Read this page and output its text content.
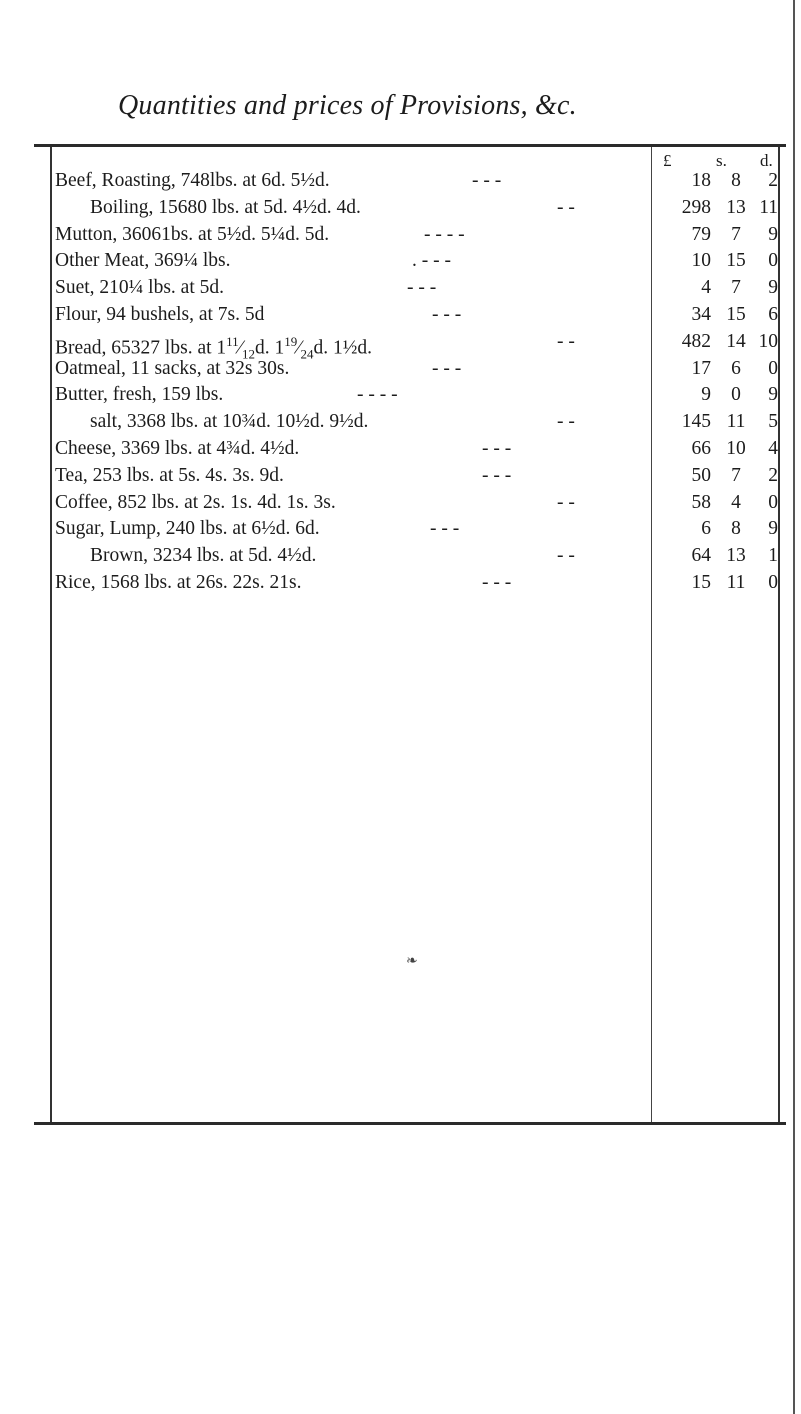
Quantities and prices of Provisions, &c.
£	s. d.
Beef, Roasting, 748lbs. at 6d. 5½d.	- - -	18	8	2
Boiling, 15680 lbs. at 5d. 4½d. 4d.	- -	298 13 11
Mutton, 36061bs. at 5½d. 5¼d. 5d.	- - - -	79	7	9
Other Meat, 369¼ lbs.	. - - -	10 15	0
Suet, 210¼ lbs. at 5d.	- - -	4	7	9
Flour, 94 bushels, at 7s. 5d	- - -	34 15	6
Bread, 65327 lbs. at $1^{11}⁄_{12}d$. $1^{19}⁄_{24}d$. 1½d.	- -	482 14 10
Oatmeal, 11 sacks, at 32s 30s.	- - -	17	6	0
Butter, fresh, 159 lbs.	- - - -	9	0	9
salt, 3368 lbs. at 10¾d. 10½d. 9½d.	- -	145 11	5
Cheese, 3369 lbs. at 4¾d. 4½d.	- - -	66 10	4
Tea, 253 lbs. at 5s. 4s. 3s. 9d.	- - -	50	7	2
Coffee, 852 lbs. at 2s. 1s. 4d. 1s. 3s.	- -	58	4	0
Sugar, Lump, 240 lbs. at 6½d. 6d.	- - -	6	8	9
Brown, 3234 lbs. at 5d. 4½d.	- -	64 13	1
Rice, 1568 lbs. at 26s. 22s. 21s.	- - -	15 11	0
❧
